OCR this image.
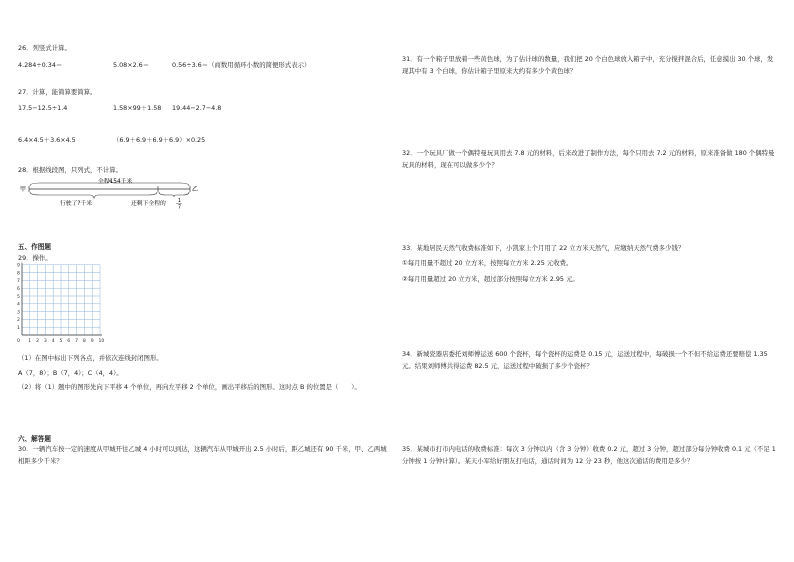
26．列竖式计算。
4.284÷0.34＝	5.08×2.6＝	0.56÷3.6＝（商数用循环小数的简便形式表示）
27．计算，能简算要简算。
17.5−12.5÷1.4	1.58×99＋1.58 19.44−2.7−4.8
6.4×4.5＋3.6×4.5	（6.9＋6.9＋6.9＋6.9）×0.25
28．根据线段图，只列式，不计算。
甲	乙
全程154千米
行驶了?千米	还剩下全程的	1
7
五、作图题
29．操作。
0 1 2 3 4 5 6 7 8 9 10
1
2
3
4
5
6
7
8
9
（1）在图中标出下列各点，并依次连线封闭图形。
A（7，8）；B（7，4）；C（4，4）。
（2）将（1）题中的图形先向下平移 4 个单位，再向左平移 2 个单位，画出平移后的图形。这时点 B 的位置是（　　）。
六、解答题
30．一辆汽车按一定的速度从甲城开往乙城 4 小时可以到达，这辆汽车从甲城开出 2.5 小时后，距乙城还有 90 千米，甲、乙两城相距多少千米？
31．有一个箱子里放着一些黄色球，为了估计球的数量，我们把 20 个白色球放入箱子中，充分搅拌混合后，任意摸出 30 个球，发现其中有 3 个白球，你估计箱子里原来大约有多少个黄色球？
32．一个玩具厂做一个偶特曼玩具用去 7.8 元的材料，后来改进了制作方法，每个只用去 7.2 元的材料，原来准备做 180 个偶特曼玩具的材料，现在可以做多少个？
33．某地居民天然气收费标准如下，小凯家上个月用了 22 立方米天然气，应缴纳天然气费多少钱？
①每月用量不超过 20 立方米，按照每立方米 2.25 元收费。
②每月用量超过 20 立方米，超过部分按照每立方米 2.95 元。
34．新城瓷器店委托刘师傅运送 600 个瓷杯，每个瓷杯的运费是 0.15 元，运送过程中，每破损一个不但不给运费还要赔偿 1.35 元。结果刘师傅共得运费 82.5 元，运送过程中破损了多少个瓷杯？
35．某城市打市内电话的收费标准：每次 3 分钟以内（含 3 分钟）收费 0.2 元，超过 3 分钟，超过部分每分钟收费 0.1 元（不足 1 分钟按 1 分钟计算）。某天小军给好朋友打电话，通话时间为 12 分 23 秒，他这次通话的费用是多少？
